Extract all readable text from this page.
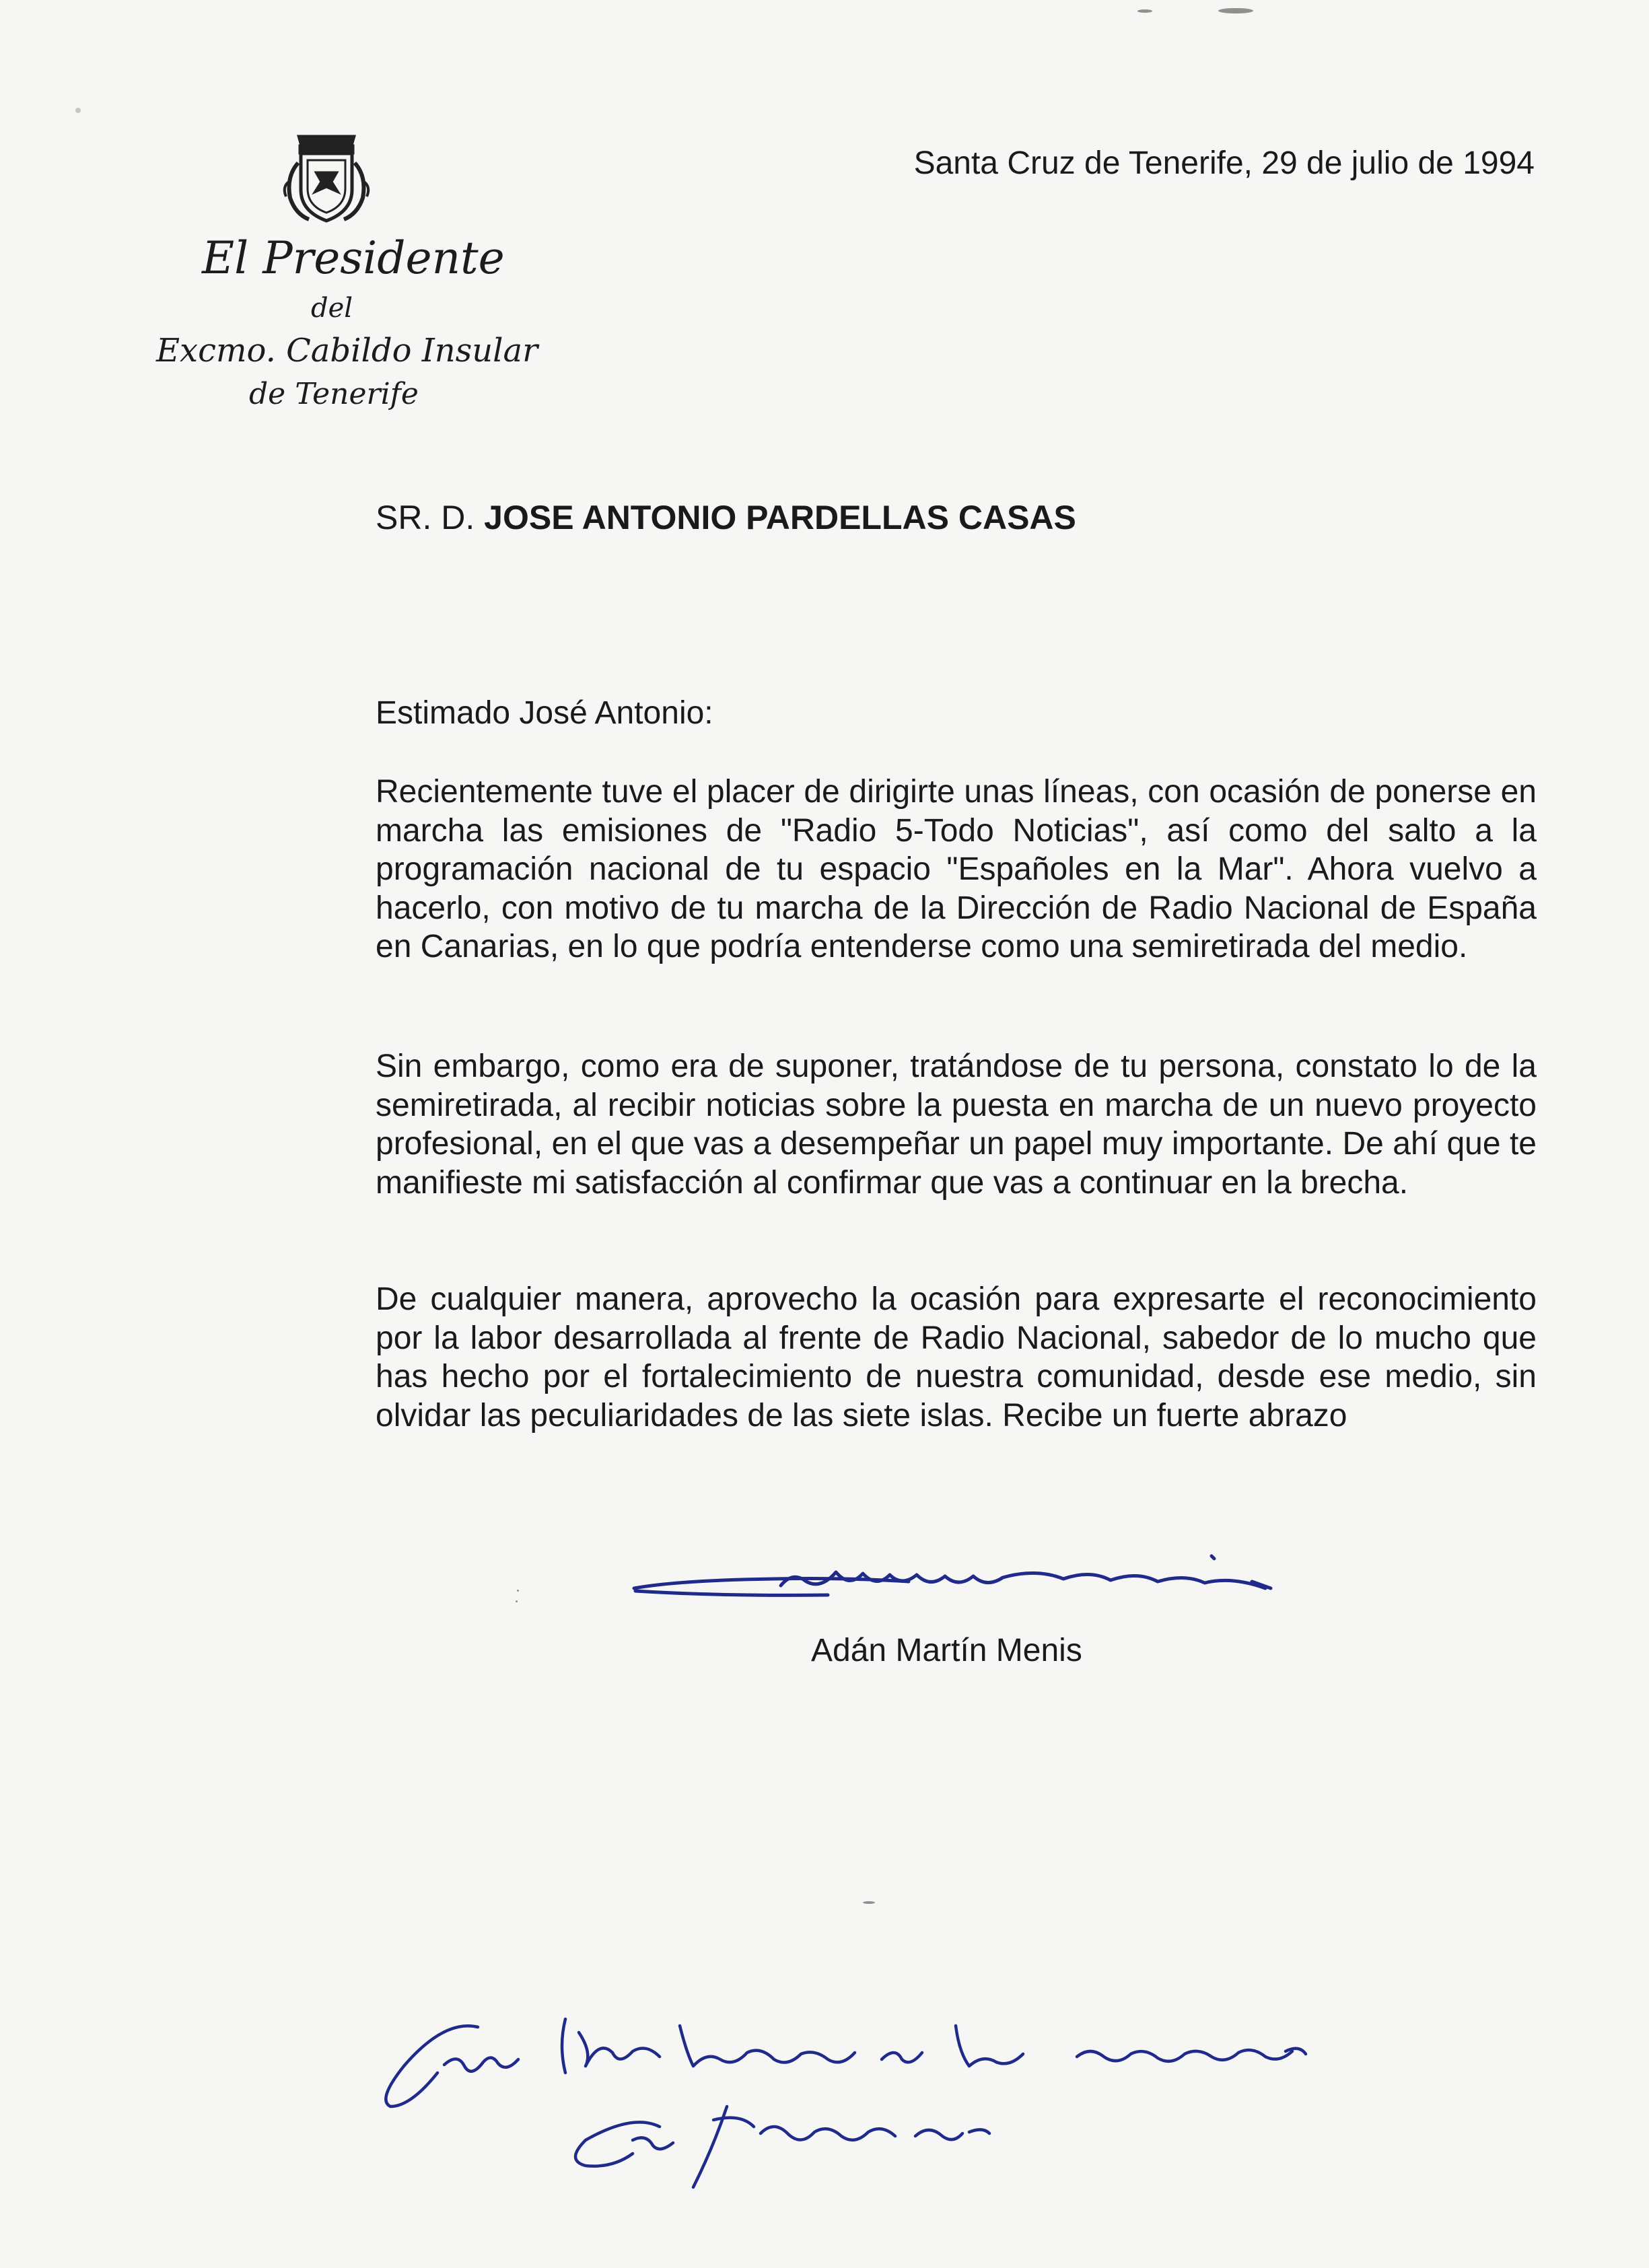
El Presidente
del
Excmo. Cabildo Insular
de Tenerife
Santa Cruz de Tenerife, 29 de julio de 1994
SR. D. JOSE ANTONIO PARDELLAS CASAS
Estimado José Antonio:
Recientemente tuve el placer de dirigirte unas líneas, con ocasión de ponerse en marcha las emisiones de "Radio 5-Todo Noticias", así como del salto a la programación nacional de tu espacio "Españoles en la Mar". Ahora vuelvo a hacerlo, con motivo de tu marcha de la Dirección de Radio Nacional de España en Canarias, en lo que podría entenderse como una semiretirada del medio.
Sin embargo, como era de suponer, tratándose de tu persona, constato lo de la semiretirada, al recibir noticias sobre la puesta en marcha de un nuevo proyecto profesional, en el que vas a desempeñar un papel muy importante. De ahí que te manifieste mi satisfacción al confirmar que vas a continuar en la brecha.
De cualquier manera, aprovecho la ocasión para expresarte el reconocimiento por la labor desarrollada al frente de Radio Nacional, sabedor de lo mucho que has hecho por el fortalecimiento de nuestra comunidad, desde ese medio, sin olvidar las peculiaridades de las siete islas. Recibe un fuerte abrazo
Adán Martín Menis
